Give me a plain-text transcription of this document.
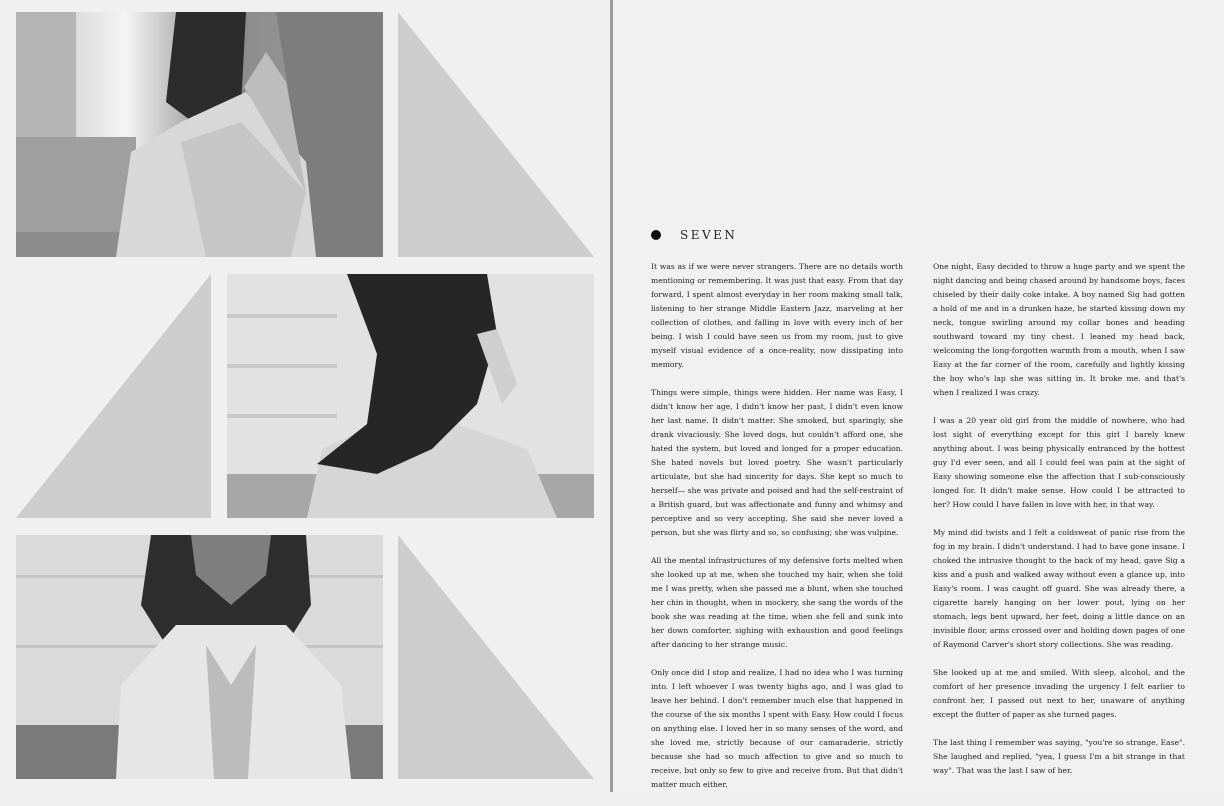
SEVEN

It was as if we were never strangers. There are no details worth mentioning or remembering. It was just that easy. From that day forward, I spent almost everyday in her room making small talk, listening to her strange Middle Eastern Jazz, marveling at her collection of clothes, and falling in love with every inch of her being. I wish I could have seen us from my room, just to give myself visual evidence of a once-reality, now dissipating into memory.

Things were simple, things were hidden. Her name was Easy, I didn't know her age, I didn't know her past, I didn't even know her last name. It didn't matter. She smoked, but sparingly, she drank vivaciously. She loved dogs, but couldn't afford one, she hated the system, but loved and longed for a proper education. She hated novels but loved poetry. She wasn't particularly articulate, but she had sincerity for days. She kept so much to herself— she was private and poised and had the self-restraint of a British guard, but was affectionate and funny and whimsy and perceptive and so very accepting. She said she never loved a person, but she was flirty and so, so confusing; she was vulpine.

All the mental infrastructures of my defensive forts melted when she looked up at me, when she touched my hair, when she told me I was pretty, when she passed me a blunt, when she touched her chin in thought, when in mockery, she sang the words of the book she was reading at the time, when she fell and sunk into her down comforter, sighing with exhaustion and good feelings after dancing to her strange music.

Only once did I stop and realize, I had no idea who I was turning into. I left whoever I was twenty highs ago, and I was glad to leave her behind. I don't remember much else that happened in the course of the six months I spent with Easy. How could I focus on anything else. I loved her in so many senses of the word, and she loved me, strictly because of our camaraderie, strictly because she had so much affection to give and so much to receive, but only so few to give and receive from. But that didn't matter much either.

One night, Easy decided to throw a huge party and we spent the night dancing and being chased around by handsome boys, faces chiseled by their daily coke intake. A boy named Sig had gotten a hold of me and in a drunken haze, he started kissing down my neck, tongue swirling around my collar bones and heading southward toward my tiny chest. I leaned my head back, welcoming the long-forgotten warmth from a mouth, when I saw Easy at the far corner of the room, carefully and lightly kissing the boy who's lap she was sitting in. It broke me. and that's when I realized I was crazy.

I was a 20 year old girl from the middle of nowhere, who had lost sight of everything except for this girl I barely knew anything about. I was being physically entranced by the hottest guy I'd ever seen, and all I could feel was pain at the sight of Easy showing someone else the affection that I sub-consciously longed for. It didn't make sense. How could I be attracted to her? How could I have fallen in love with her, in that way.

My mind did twists and I felt a coldsweat of panic rise from the fog in my brain. I didn't understand. I had to have gone insane. I choked the intrusive thought to the back of my head, gave Sig a kiss and a push and walked away without even a glance up, into Easy's room. I was caught off guard. She was already there, a cigarette barely hanging on her lower pout, lying on her stomach, legs bent upward, her feet, doing a little dance on an invisible floor, arms crossed over and holding down pages of one of Raymond Carver's short story collections. She was reading.

She looked up at me and smiled. With sleep, alcohol, and the comfort of her presence invading the urgency I felt earlier to confront her, I passed out next to her, unaware of anything except the flutter of paper as she turned pages.

The last thing I remember was saying, "you're so strange, Ease". She laughed and replied, "yea, I guess I'm a bit strange in that way". That was the last I saw of her.
